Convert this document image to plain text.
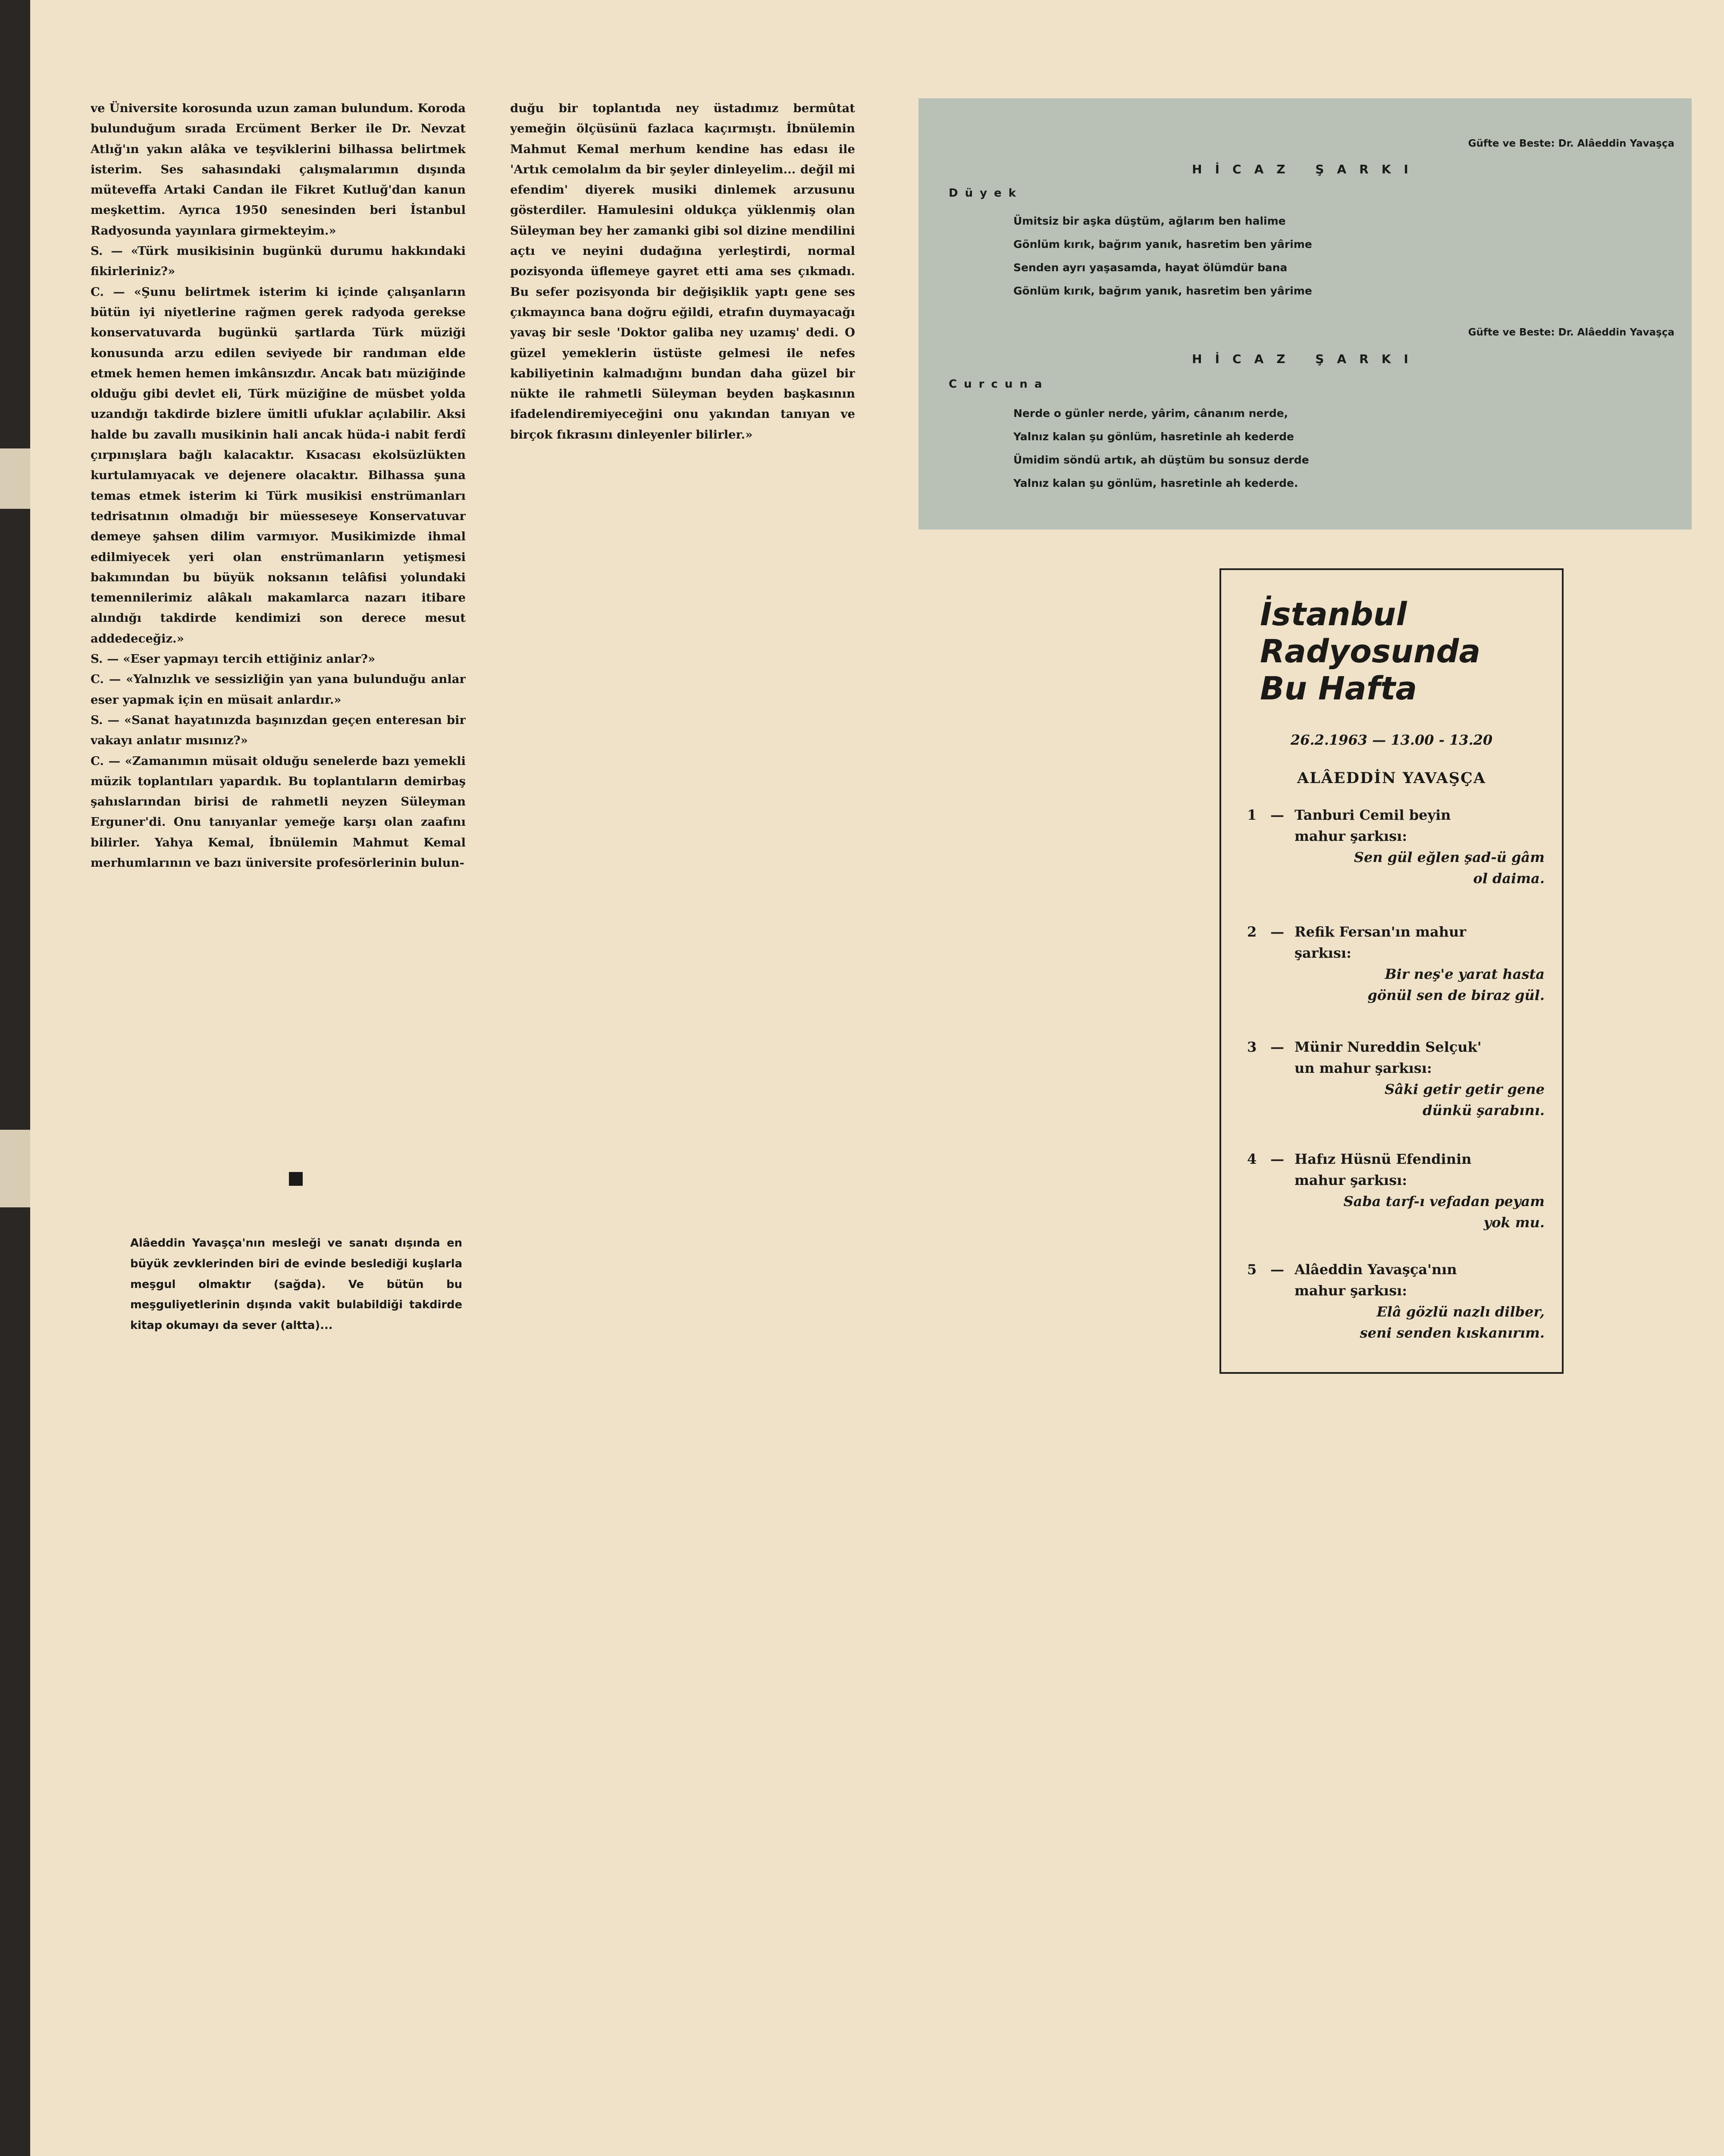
ve Üniversite korosunda uzun zaman bulundum. Koroda bulunduğum sırada Ercüment Berker ile Dr. Nevzat Atlığ'ın yakın alâka ve teşviklerini bilhassa belirtmek isterim. Ses sahasındaki çalışmalarımın dışında müteveffa Artaki Candan ile Fikret Kutluğ'dan kanun meşkettim. Ayrıca 1950 senesinden beri İstanbul Radyosunda yayınlara girmekteyim.»

S. — «Türk musikisinin bugünkü durumu hakkındaki fikirleriniz?»

C. — «Şunu belirtmek isterim ki içinde çalışanların bütün iyi niyetlerine rağmen gerek radyoda gerekse konservatuvarda bugünkü şartlarda Türk müziği konusunda arzu edilen seviyede bir randıman elde etmek hemen hemen imkânsızdır. Ancak batı müziğinde olduğu gibi devlet eli, Türk müziğine de müsbet yolda uzandığı takdirde bizlere ümitli ufuklar açılabilir. Aksi halde bu zavallı musikinin hali ancak hüda-i nabit ferdî çırpınışlara bağlı kalacaktır. Kısacası ekolsüzlükten kurtulamıyacak ve dejenere olacaktır. Bilhassa şuna temas etmek isterim ki Türk musikisi enstrümanları tedrisatının olmadığı bir müesseseye Konservatuvar demeye şahsen dilim varmıyor. Musikimizde ihmal edilmiyecek yeri olan enstrümanların yetişmesi bakımından bu büyük noksanın telâfisi yolundaki temennilerimiz alâkalı makamlarca nazarı itibare alındığı takdirde kendimizi son derece mesut addedeceğiz.»

S. — «Eser yapmayı tercih ettiğiniz anlar?»

C. — «Yalnızlık ve sessizliğin yan yana bulunduğu anlar eser yapmak için en müsait anlardır.»

S. — «Sanat hayatınızda başınızdan geçen enteresan bir vakayı anlatır mısınız?»

C. — «Zamanımın müsait olduğu senelerde bazı yemekli müzik toplantıları yapardık. Bu toplantıların demirbaş şahıslarından birisi de rahmetli neyzen Süleyman Erguner'di. Onu tanıyanlar yemeğe karşı olan zaafını bilirler. Yahya Kemal, İbnülemin Mahmut Kemal merhumlarının ve bazı üniversite profesörlerinin bulun-

duğu bir toplantıda ney üstadımız bermûtat yemeğin ölçüsünü fazlaca kaçırmıştı. İbnülemin Mahmut Kemal merhum kendine has edası ile 'Artık cemolalım da bir şeyler dinleyelim... değil mi efendim' diyerek musiki dinlemek arzusunu gösterdiler. Hamulesini oldukça yüklenmiş olan Süleyman bey her zamanki gibi sol dizine mendilini açtı ve neyini dudağına yerleştirdi, normal pozisyonda üflemeye gayret etti ama ses çıkmadı. Bu sefer pozisyonda bir değişiklik yaptı gene ses çıkmayınca bana doğru eğildi, etrafın duymayacağı yavaş bir sesle 'Doktor galiba ney uzamış' dedi. O güzel yemeklerin üstüste gelmesi ile nefes kabiliyetinin kalmadığını bundan daha güzel bir nükte ile rahmetli Süleyman beyden başkasının ifadelendiremiyeceğini onu yakından tanıyan ve birçok fıkrasını dinleyenler bilirler.»

Alâeddin Yavaşça'nın mesleği ve sanatı dışında en büyük zevklerinden biri de evinde beslediği kuşlarla meşgul olmaktır (sağda). Ve bütün bu meşguliyetlerinin dışında vakit bulabildiği takdirde kitap okumayı da sever (altta)...
Güfte ve Beste: Dr. Alâeddin Yavaşça
HİCAZ ŞARKI
Düyek
Ümitsiz bir aşka düştüm, ağlarım ben halime
Gönlüm kırık, bağrım yanık, hasretim ben yârime
Senden ayrı yaşasamda, hayat ölümdür bana
Gönlüm kırık, bağrım yanık, hasretim ben yârime
Güfte ve Beste: Dr. Alâeddin Yavaşça
HİCAZ ŞARKI
Curcuna
Nerde o günler nerde, yârim, cânanım nerde,
Yalnız kalan şu gönlüm, hasretinle ah kederde
Ümidim söndü artık, ah düştüm bu sonsuz derde
Yalnız kalan şu gönlüm, hasretinle ah kederde.
İstanbul
Radyosunda
Bu Hafta
26.2.1963 — 13.00 - 13.20
ALÂEDDİN YAVAŞÇA
1 — Tanburi Cemil beyin
mahur şarkısı:
Sen gül eğlen şad-ü gâm
ol daima.
2 — Refik Fersan'ın mahur
şarkısı:
Bir neş'e yarat hasta
gönül sen de biraz gül.
3 — Münir Nureddin Selçuk'
un mahur şarkısı:
Sâki getir getir gene
dünkü şarabını.
4 — Hafız Hüsnü Efendinin
mahur şarkısı:
Saba tarf-ı vefadan peyam
yok mu.
5 — Alâeddin Yavaşça'nın
mahur şarkısı:
Elâ gözlü nazlı dilber,
seni senden kıskanırım.
